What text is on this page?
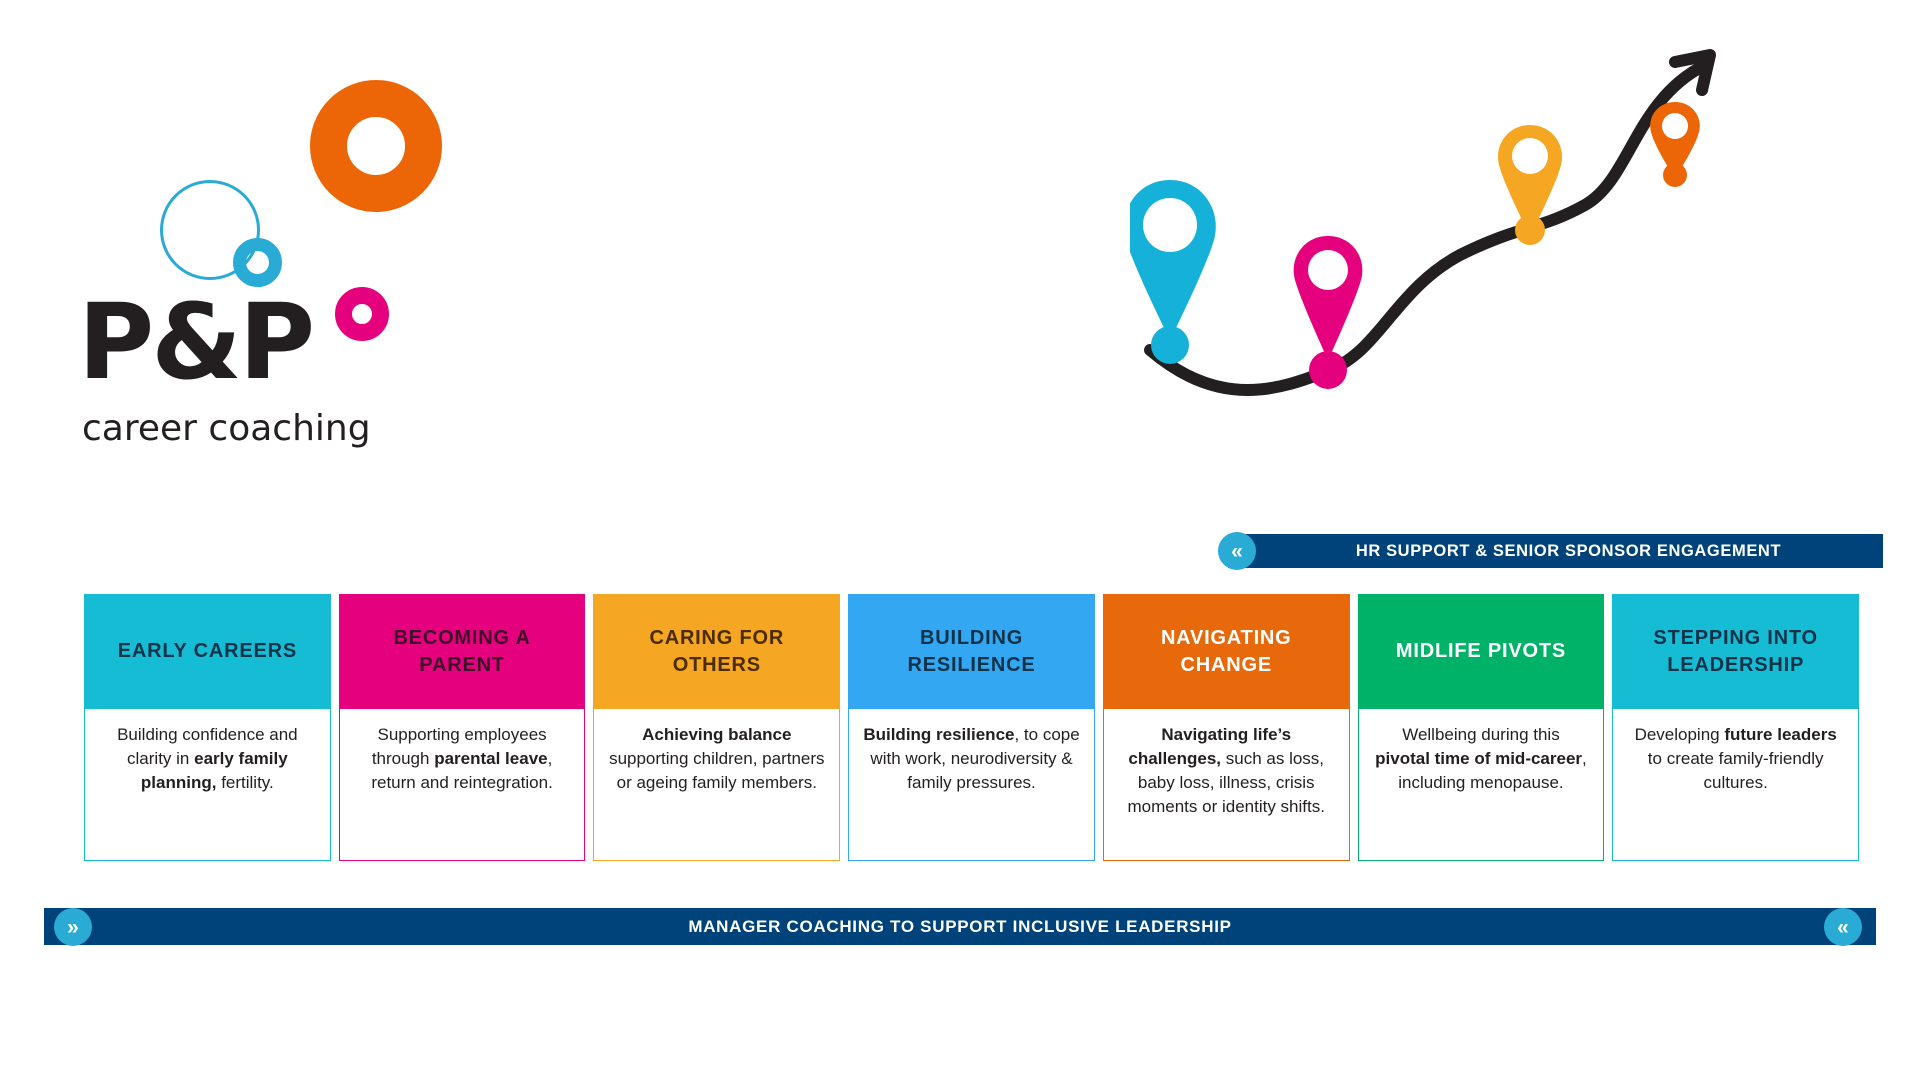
P&P
career coaching
HR SUPPORT & SENIOR SPONSOR ENGAGEMENT
«
EARLY CAREERS

Building confidence and clarity in early family planning, fertility.

BECOMING A PARENT

Supporting employees through parental leave, return and reintegration.

CARING FOR OTHERS

Achieving balance supporting children, partners or ageing family members.

BUILDING RESILIENCE

Building resilience, to cope with work, neurodiversity & family pressures.

NAVIGATING CHANGE

Navigating life’s challenges, such as loss, baby loss, illness, crisis moments or identity shifts.

MIDLIFE PIVOTS

Wellbeing during this pivotal time of mid-career, including menopause.

STEPPING INTO LEADERSHIP

Developing future leaders to create family-friendly cultures.

MANAGER COACHING TO SUPPORT INCLUSIVE LEADERSHIP
»	«
